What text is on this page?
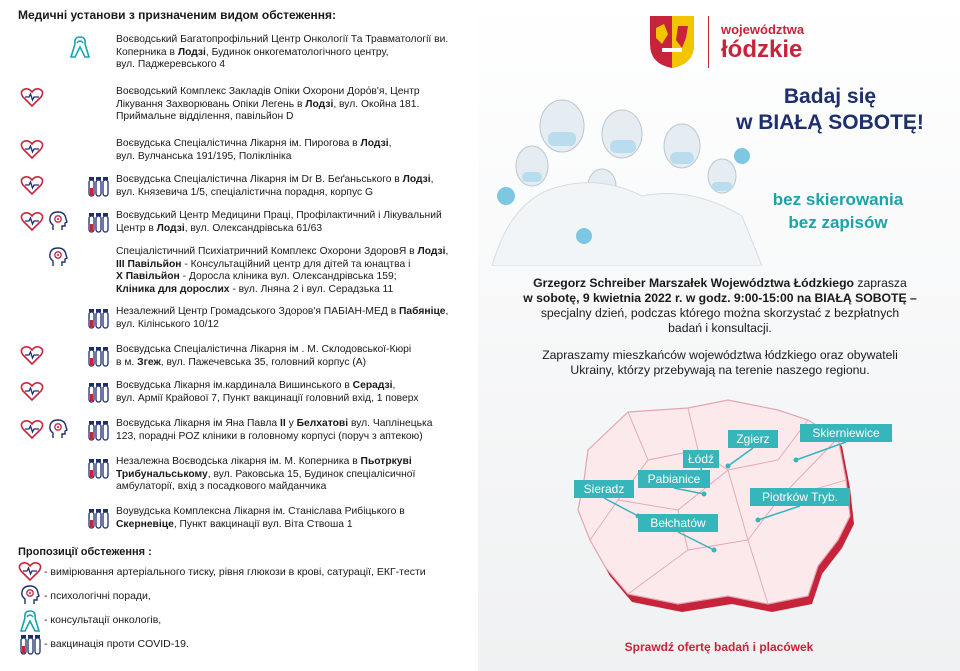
Медичні установи з призначеним видом обстеження:
Воєводський Багатопрофільний Центр Онкології Та Травматології ви.
Коперника в Лодзі, Будинок онкогематологічного центру,
вул. Паджеревського 4
Воєводський Комплекс Закладів Опіки Охорони Дорόв'я, Центр
Лікування Захворювань Опіки Легень в Лодзі, вул. Окойна 181.
Приймальне відділення, павільйон D
Воєвудська Спеціалістична Лікарня ім. Пирогова в Лодзі,
вул. Вулчанська 191/195, Поліклініка
Воєвудська Спеціалістична Лікарня ім Dr B. Беґаньського в Лодзі,
вул. Князевича 1/5, спеціалістична порадня, корпус G
Воєвудський Центр Медицини Праці, Профілактичний і Лікувальний
Центр в Лодзі, вул. Олександрівська 61/63
Спеціалістичний Психіатричний Комплекс Охорони ЗдоровЯ в Лодзі,
III Павільйон - Консультаційний центр для дітей та юнацтва і
X Павільйон - Доросла кліника вул. Олександрівська 159;
Кліника для дорослих - вул. Лняна 2 і вул. Серадзька 11
Незалежний Центр Громадського Здоров'я ПАБІАН-МЕД в Пабяніце,
вул. Кілінського 10/12
Воєвудська Спеціалістична Лікарня ім . М. Склодовської-Кюрі
в м. Згеж, вул. Пажечевська 35, головний корпус (А)
Воєвудська Лікарня ім.кардинала Вишинського в Серадзі,
вул. Армії Крайової 7, Пункт вакцинації головний вхід, 1 поверх
Воєвудська Лікарня ім Яна Павла ІІ у Белхатові вул. Чаплінецька
123, порадні POZ кліники в головному корпусі (поруч з аптекою)
Незалежна Воєводська лікарня ім. М. Коперника в Пьотркуві
Трибунальському, вул. Раковська 15, Будинок спеціалісичної
амбулаторії, вхід з посадкового майданчика
Воувудська Комплексна Лікарня ім. Станіслава Рибіцького в
Скерневіце, Пункт вакцинації вул. Віта Ствоша 1
Пропозиції обстеження :
- вимірювання артеріального тиску, рівня глюкози в крові, сатурації, ЕКГ-тести
- психологічні поради,
- консультації онкологів,
- вакцинація проти COVID-19.
województwa
łódzkie
Badaj się
w BIAŁĄ SOBOTĘ!
bez skierowania
bez zapisów
Grzegorz Schreiber Marszałek Województwa Łódzkiego zaprasza
w sobotę, 9 kwietnia 2022 r. w godz. 9:00-15:00 na BIAŁĄ SOBOTĘ –
specjalny dzień, podczas którego można skorzystać z bezpłatnych
badań i konsultacji.
Zapraszamy mieszkańców województwa łódzkiego oraz obywateli
Ukrainy, którzy przebywają na terenie naszego regionu.
Skierniewice
Zgierz
Łódź
Pabianice
Sieradz
Piotrków Tryb.
Bełchatów
Sprawdź ofertę badań i placówek
